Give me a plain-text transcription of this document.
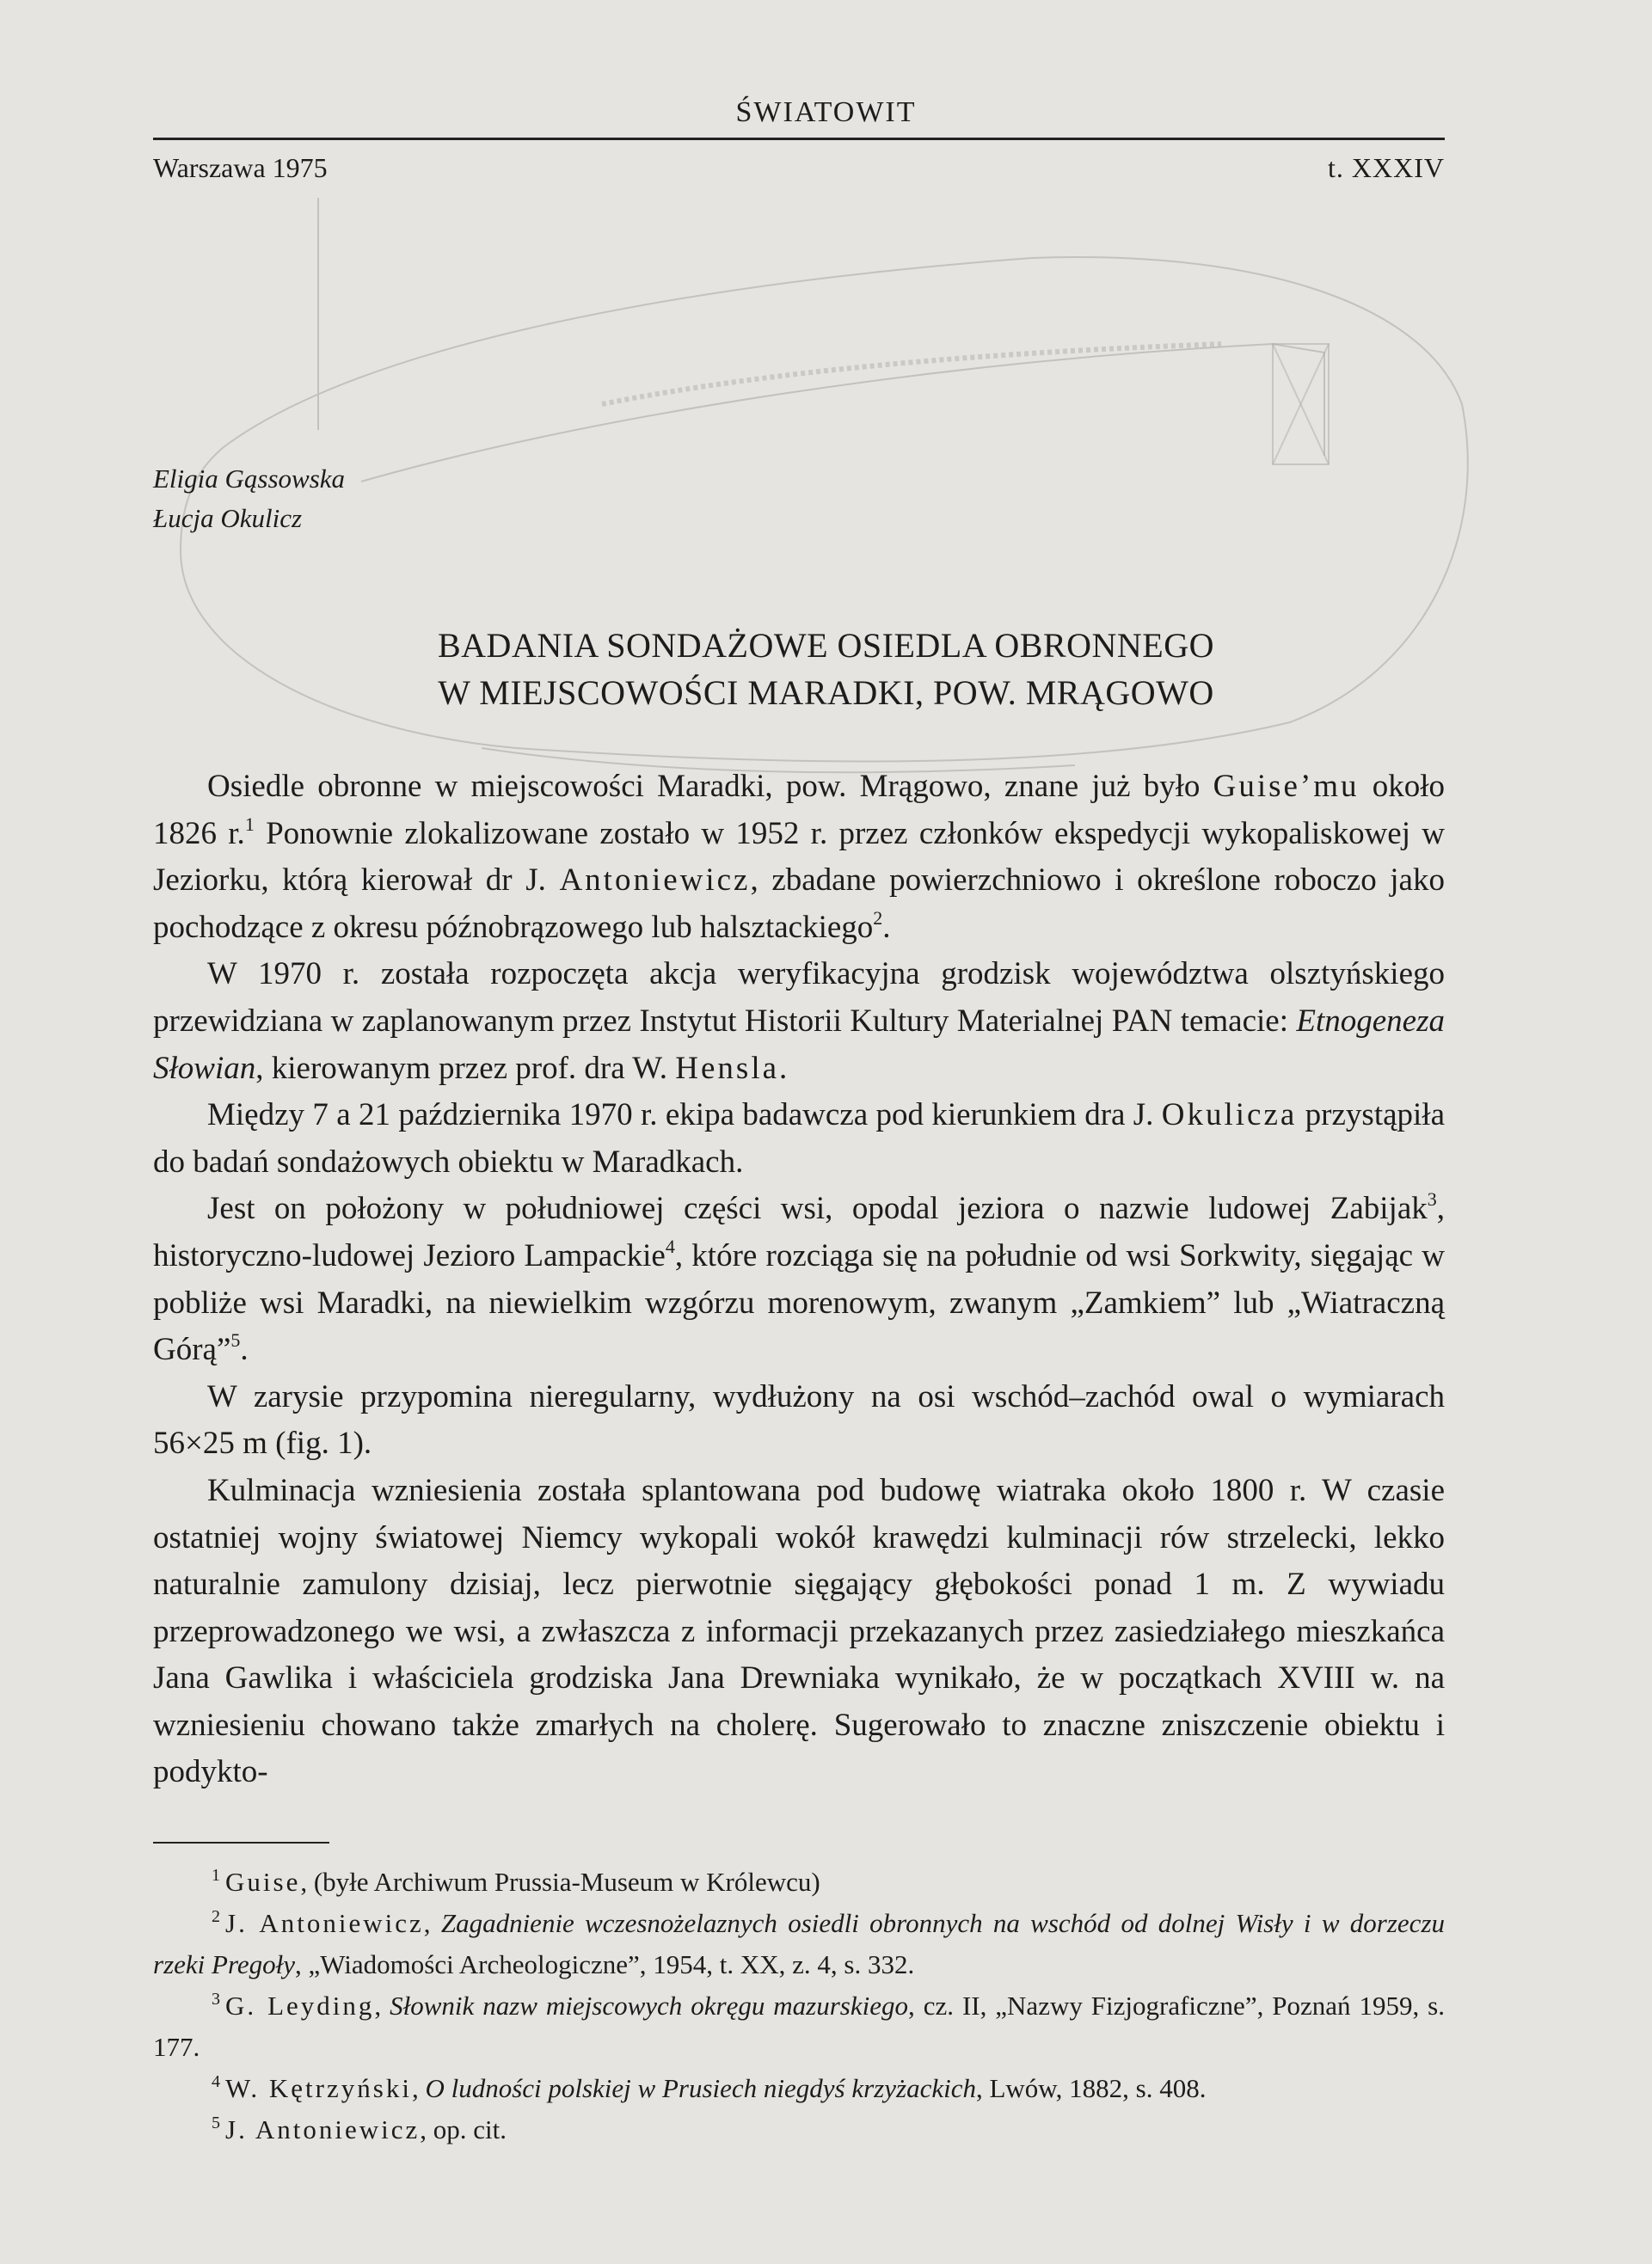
ŚWIATOWIT
Warszawa 1975	t. XXXIV
Eligia Gąssowska
Łucja Okulicz
BADANIA SONDAŻOWE OSIEDLA OBRONNEGO
W MIEJSCOWOŚCI MARADKI, POW. MRĄGOWO

Osiedle obronne w miejscowości Maradki, pow. Mrągowo, znane już było Guise’mu około 1826 r.$^1$ Ponownie zlokalizowane zostało w 1952 r. przez członków ekspedycji wykopaliskowej w Jeziorku, którą kierował dr J. Antoniewicz, zbadane powierzchniowo i określone roboczo jako pochodzące z okresu późnobrązowego lub halsztackiego$^2$.

W 1970 r. została rozpoczęta akcja weryfikacyjna grodzisk województwa olsztyńskiego przewidziana w zaplanowanym przez Instytut Historii Kultury Materialnej PAN temacie: Etnogeneza Słowian, kierowanym przez prof. dra W. Hensla.

Między 7 a 21 października 1970 r. ekipa badawcza pod kierunkiem dra J. Okulicza przystąpiła do badań sondażowych obiektu w Maradkach.

Jest on położony w południowej części wsi, opodal jeziora o nazwie ludowej Zabijak$^3$, historyczno-ludowej Jezioro Lampackie$^4$, które rozciąga się na południe od wsi Sorkwity, sięgając w pobliże wsi Maradki, na niewielkim wzgórzu morenowym, zwanym „Zamkiem” lub „Wiatraczną Górą”$^5$.

W zarysie przypomina nieregularny, wydłużony na osi wschód–zachód owal o wymiarach 56×25 m (fig. 1).

Kulminacja wzniesienia została splantowana pod budowę wiatraka około 1800 r. W czasie ostatniej wojny światowej Niemcy wykopali wokół krawędzi kulminacji rów strzelecki, lekko naturalnie zamulony dzisiaj, lecz pierwotnie sięgający głębokości ponad 1 m. Z wywiadu przeprowadzonego we wsi, a zwłaszcza z informacji przekazanych przez zasiedziałego mieszkańca Jana Gawlika i właściciela grodziska Jana Drewniaka wynikało, że w początkach XVIII w. na wzniesieniu chowano także zmarłych na cholerę. Sugerowało to znaczne zniszczenie obiektu i podykto-

$^1$ Guise, (byłe Archiwum Prussia-Museum w Królewcu)
$^2$ J. Antoniewicz, Zagadnienie wczesnożelaznych osiedli obronnych na wschód od dolnej Wisły i w dorzeczu rzeki Pregoły, „Wiadomości Archeologiczne”, 1954, t. XX, z. 4, s. 332.
$^3$ G. Leyding, Słownik nazw miejscowych okręgu mazurskiego, cz. II, „Nazwy Fizjograficzne”, Poznań 1959, s. 177.
$^4$ W. Kętrzyński, O ludności polskiej w Prusiech niegdyś krzyżackich, Lwów, 1882, s. 408.
$^5$ J. Antoniewicz, op. cit.
